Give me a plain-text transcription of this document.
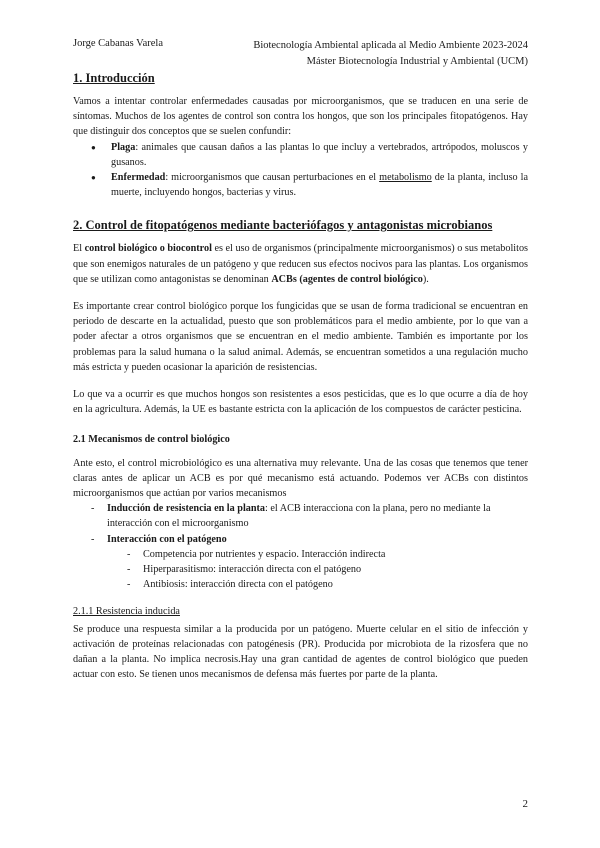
Jorge Cabanas Varela	Biotecnología Ambiental aplicada al Medio Ambiente 2023-2024
Máster Biotecnología Industrial y Ambiental (UCM)
1. Introducción

Vamos a intentar controlar enfermedades causadas por microorganismos, que se traducen en una serie de síntomas. Muchos de los agentes de control son contra los hongos, que son los principales fitopatógenos. Hay que distinguir dos conceptos que se suelen confundir:

● Plaga: animales que causan daños a las plantas lo que incluy a vertebrados, artrópodos, moluscos y gusanos.
● Enfermedad: microorganismos que causan perturbaciones en el metabolismo de la planta, incluso la muerte, incluyendo hongos, bacterias y virus.
2. Control de fitopatógenos mediante bacteriófagos y antagonistas microbianos

El control biológico o biocontrol es el uso de organismos (principalmente microorganismos) o sus metabolitos que son enemigos naturales de un patógeno y que reducen sus efectos nocivos para las plantas. Los organismos que se utilizan como antagonistas se denominan ACBs (agentes de control biológico).

Es importante crear control biológico porque los fungicidas que se usan de forma tradicional se encuentran en periodo de descarte en la actualidad, puesto que son problemáticos para el medio ambiente, por lo que van a poder afectar a otros organismos que se encuentran en el medio ambiente. También es importante por los problemas para la salud humana o la salud animal. Además, se encuentran sometidos a una regulación mucho más estricta y pueden ocasionar la aparición de resistencias.

Lo que va a ocurrir es que muchos hongos son resistentes a esos pesticidas, que es lo que ocurre a día de hoy en la agricultura. Además, la UE es bastante estricta con la aplicación de los compuestos de carácter pesticina.

2.1 Mecanismos de control biológico

Ante esto, el control microbiológico es una alternativa muy relevante. Una de las cosas que tenemos que tener claras antes de aplicar un ACB es por qué mecanismo está actuando. Podemos ver ACBs con distintos microorganismos que actúan por varios mecanismos

- Inducción de resistencia en la planta: el ACB interacciona con la plana, pero no mediante la interacción con el microorganismo
- Interacción con el patógeno
- Competencia por nutrientes y espacio. Interacción indirecta
- Hiperparasitismo: interacción directa con el patógeno
- Antibiosis: interacción directa con el patógeno
2.1.1 Resistencia inducida

Se produce una respuesta similar a la producida por un patógeno. Muerte celular en el sitio de infección y activación de proteínas relacionadas con patogénesis (PR). Producida por microbiota de la rizosfera que no dañan a la planta. No implica necrosis.Hay una gran cantidad de agentes de control biológico que pueden actuar con esto. Se tienen unos mecanismos de defensa más fuertes por parte de la planta.

2
